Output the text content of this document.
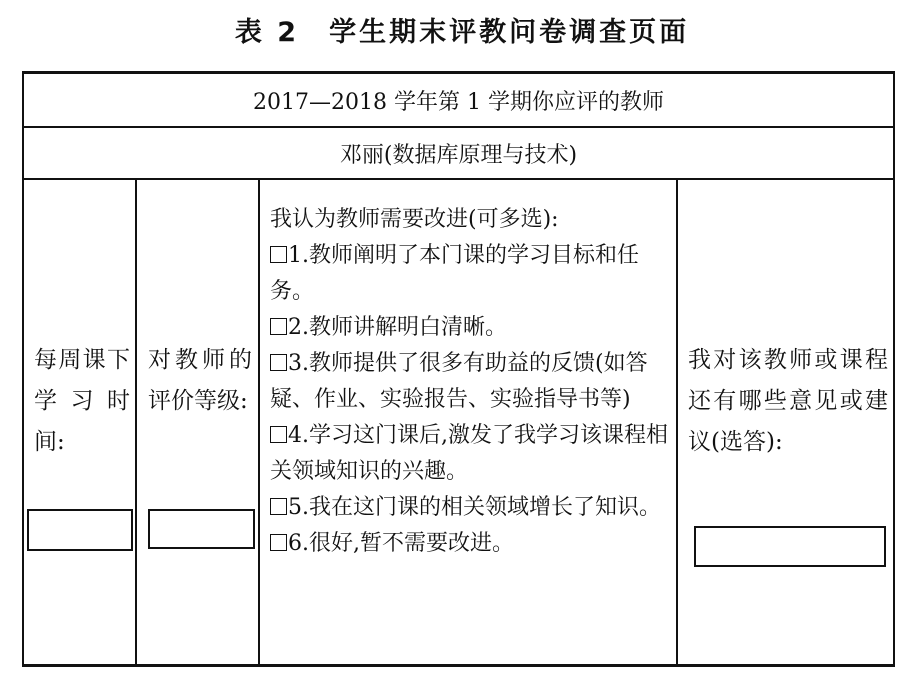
表 2　学生期末评教问卷调查页面
2017—2018 学年第 1 学期你应评的教师
邓丽(数据库原理与技术)
每周课下学习时间:
对教师的评价等级:
我认为教师需要改进(可多选):
1.教师阐明了本门课的学习目标和任务。
2.教师讲解明白清晰。
3.教师提供了很多有助益的反馈(如答疑、作业、实验报告、实验指导书等)
4.学习这门课后,激发了我学习该课程相关领域知识的兴趣。
5.我在这门课的相关领域增长了知识。
6.很好,暂不需要改进。
我对该教师或课程还有哪些意见或建议(选答):
